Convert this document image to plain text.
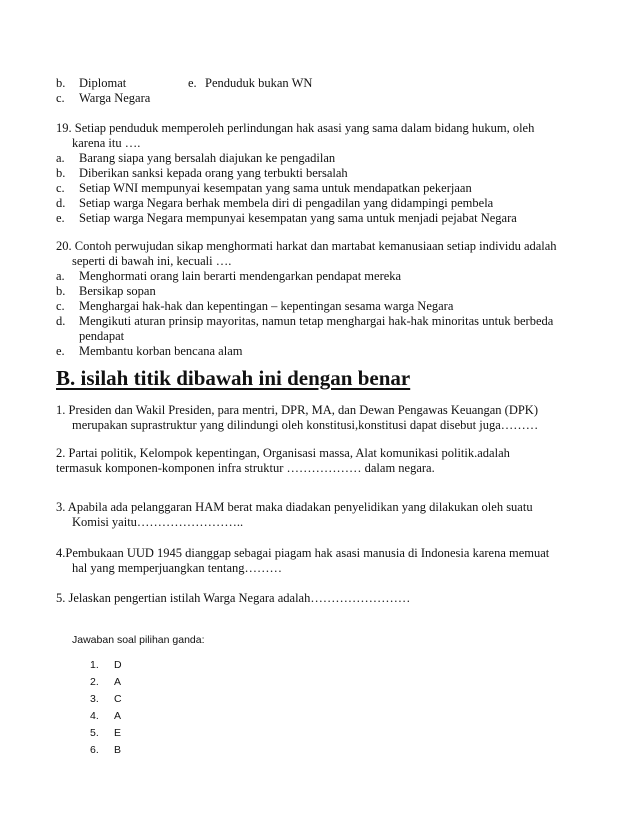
b. Diplomat	e. Penduduk bukan WN
c. Warga Negara
19. Setiap penduduk memperoleh perlindungan hak asasi yang sama dalam bidang hukum, oleh
karena itu ….
a. Barang siapa yang bersalah diajukan ke pengadilan
b. Diberikan sanksi kepada orang yang terbukti bersalah
c. Setiap WNI mempunyai kesempatan yang sama untuk mendapatkan pekerjaan
d. Setiap warga Negara berhak membela diri di pengadilan yang didampingi pembela
e. Setiap warga Negara mempunyai kesempatan yang sama untuk menjadi pejabat Negara
20. Contoh perwujudan sikap menghormati harkat dan martabat kemanusiaan setiap individu adalah
seperti di bawah ini, kecuali ….
a. Menghormati orang lain berarti mendengarkan pendapat mereka
b. Bersikap sopan
c. Menghargai hak-hak dan kepentingan – kepentingan sesama warga Negara
d. Mengikuti aturan prinsip mayoritas, namun tetap menghargai hak-hak minoritas untuk berbeda
pendapat
e. Membantu korban bencana alam
B. isilah titik dibawah ini dengan benar
1. Presiden dan Wakil Presiden, para mentri, DPR, MA, dan Dewan Pengawas Keuangan (DPK)
merupakan suprastruktur yang dilindungi oleh konstitusi,konstitusi dapat disebut juga………
2. Partai politik, Kelompok kepentingan, Organisasi massa, Alat komunikasi politik.adalah
termasuk komponen-komponen infra struktur ……………… dalam negara.
3. Apabila ada pelanggaran HAM berat maka diadakan penyelidikan yang dilakukan oleh suatu
Komisi yaitu……………………..
4.Pembukaan UUD 1945 dianggap sebagai piagam hak asasi manusia di Indonesia karena memuat
hal yang memperjuangkan tentang………
5. Jelaskan pengertian istilah Warga Negara adalah……………………
Jawaban soal pilihan ganda:
1.	D
2.	A
3.	C
4.	A
5.	E
6.	B
